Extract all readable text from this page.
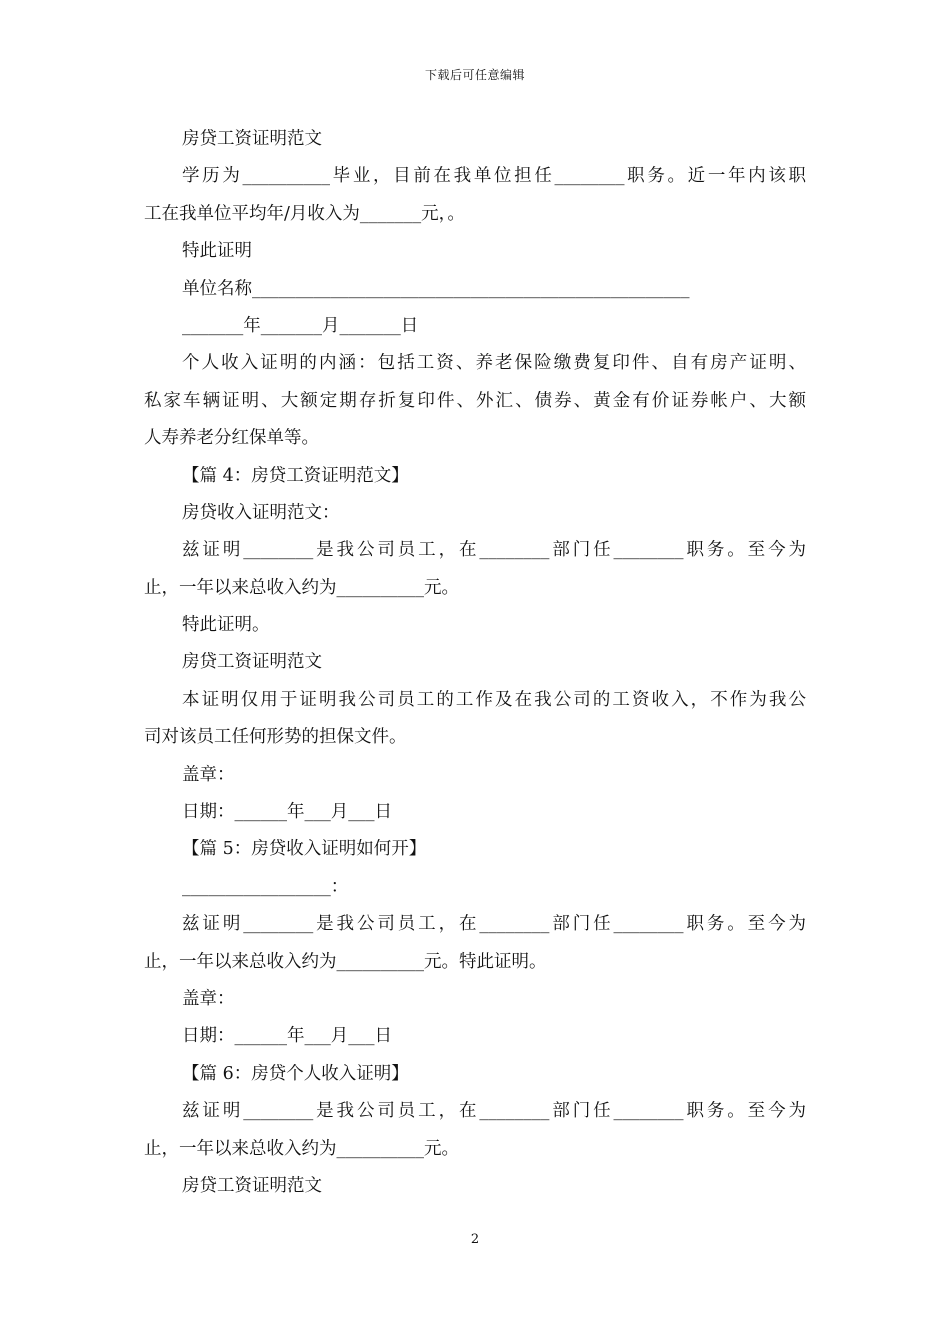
下载后可任意编辑
房贷工资证明范文
学历为__________毕业，目前在我单位担任________职务。近一年内该职
工在我单位平均年/月收入为_______元，。
特此证明
单位名称__________________________________________________
_______年_______月_______日
个人收入证明的内涵：包括工资、养老保险缴费复印件、自有房产证明、
私家车辆证明、大额定期存折复印件、外汇、债券、黄金有价证券帐户、大额
人寿养老分红保单等。
【篇 4：房贷工资证明范文】
房贷收入证明范文：
兹证明________是我公司员工，在________部门任________职务。至今为
止，一年以来总收入约为__________元。
特此证明。
房贷工资证明范文
本证明仅用于证明我公司员工的工作及在我公司的工资收入，不作为我公
司对该员工任何形势的担保文件。
盖章：
日期：______年___月___日
【篇 5：房贷收入证明如何开】
_________________：
兹证明________是我公司员工，在________部门任________职务。至今为
止，一年以来总收入约为__________元。特此证明。
盖章：
日期：______年___月___日
【篇 6：房贷个人收入证明】
兹证明________是我公司员工，在________部门任________职务。至今为
止，一年以来总收入约为__________元。
房贷工资证明范文
2
